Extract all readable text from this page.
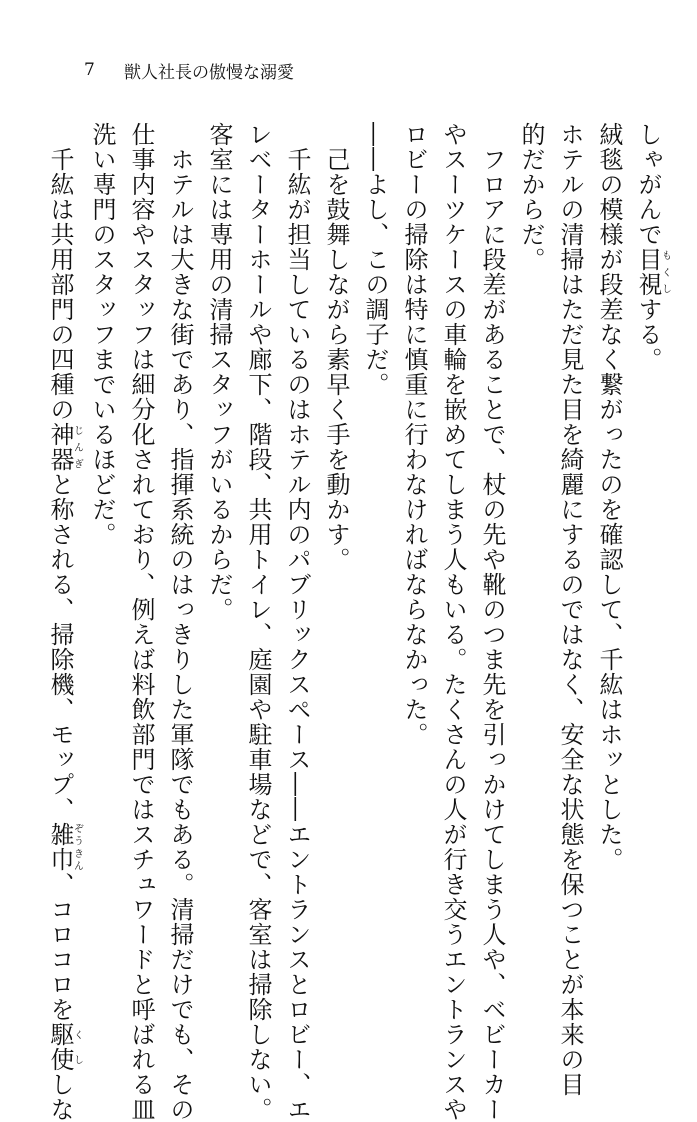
7	獣人社長の傲慢な溺愛
しゃがんで目視もくしする。
絨毯の模様が段差なく繋がったのを確認して、千紘はホッとした。
ホテルの清掃はただ見た目を綺麗にするのではなく、安全な状態を保つことが本来の目
的だからだ。
　フロアに段差があることで、杖の先や靴のつま先を引っかけてしまう人や、ベビーカー
やスーツケースの車輪を嵌めてしまう人もいる。たくさんの人が行き交うエントランスや
ロビーの掃除は特に慎重に行わなければならなかった。
――よし、この調子だ。
　己を鼓舞しながら素早く手を動かす。
　千紘が担当しているのはホテル内のパブリックスペース――エントランスとロビー、エ
レベーターホールや廊下、階段、共用トイレ、庭園や駐車場などで、客室は掃除しない。
客室には専用の清掃スタッフがいるからだ。
　ホテルは大きな街であり、指揮系統のはっきりした軍隊でもある。清掃だけでも、その
仕事内容やスタッフは細分化されており、例えば料飲部門ではスチュワードと呼ばれる皿
洗い専門のスタッフまでいるほどだ。
　千紘は共用部門の四種の神器じんぎと称される、掃除機、モップ、雑巾ぞうきん、コロコロを駆使くししな
